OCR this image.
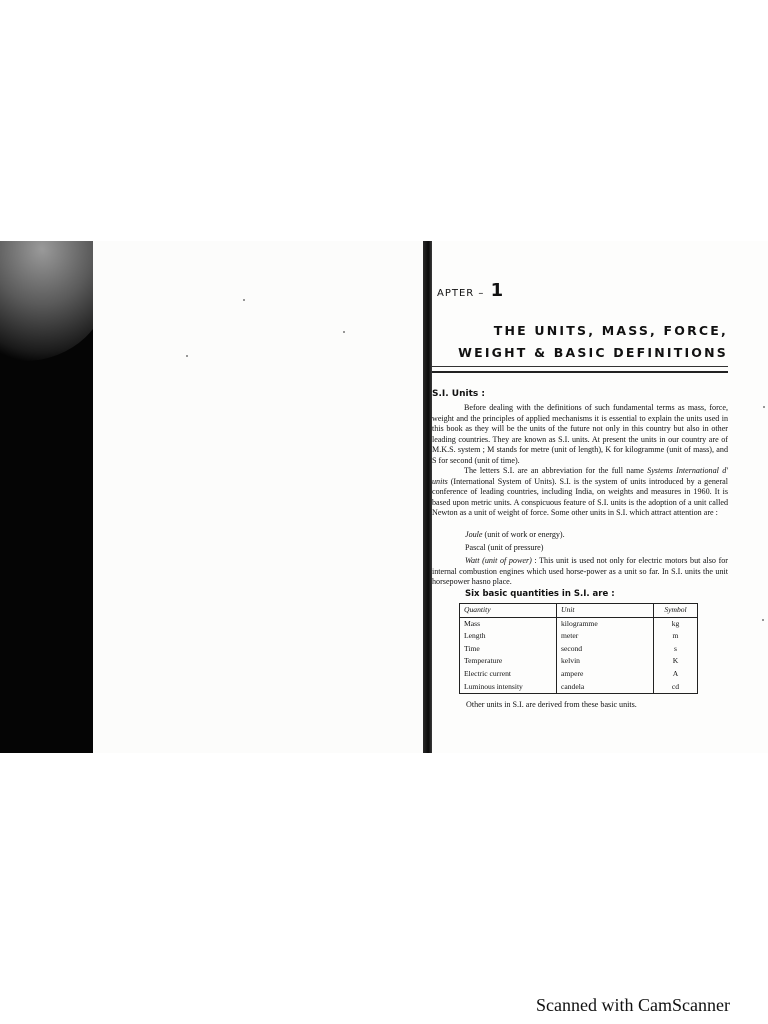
APTER – 1
THE UNITS, MASS, FORCE,
WEIGHT & BASIC DEFINITIONS
S.I. Units :

Before dealing with the definitions of such fundamental terms as mass, force, weight and the principles of applied mechanisms it is essential to explain the units used in this book as they will be the units of the future not only in this country but also in other leading countries. They are known as S.I. units. At present the units in our country are of M.K.S. system ; M stands for metre (unit of length), K for kilogramme (unit of mass), and S for second (unit of time).

The letters S.I. are an abbreviation for the full name Systems International d' units (International System of Units). S.I. is the system of units introduced by a general conference of leading countries, including India, on weights and measures in 1960. It is based upon metric units. A conspicuous feature of S.I. units is the adoption of a unit called Newton as a unit of weight of force. Some other units in S.I. which attract attention are :

Joule (unit of work or energy).
Pascal (unit of pressure)

Watt (unit of power) : This unit is used not only for electric motors but also for internal combustion engines which used horse-power as a unit so far. In S.I. units the unit horsepower hasno place.

Six basic quantities in S.I. are :
Quantity	Unit	Symbol
Mass	kilogramme	kg
Length	meter	m
Time	second	s
Temperature	kelvin	K
Electric current	ampere	A
Luminous intensity	candela	cd
Other units in S.I. are derived from these basic units.
Scanned with CamScanner
